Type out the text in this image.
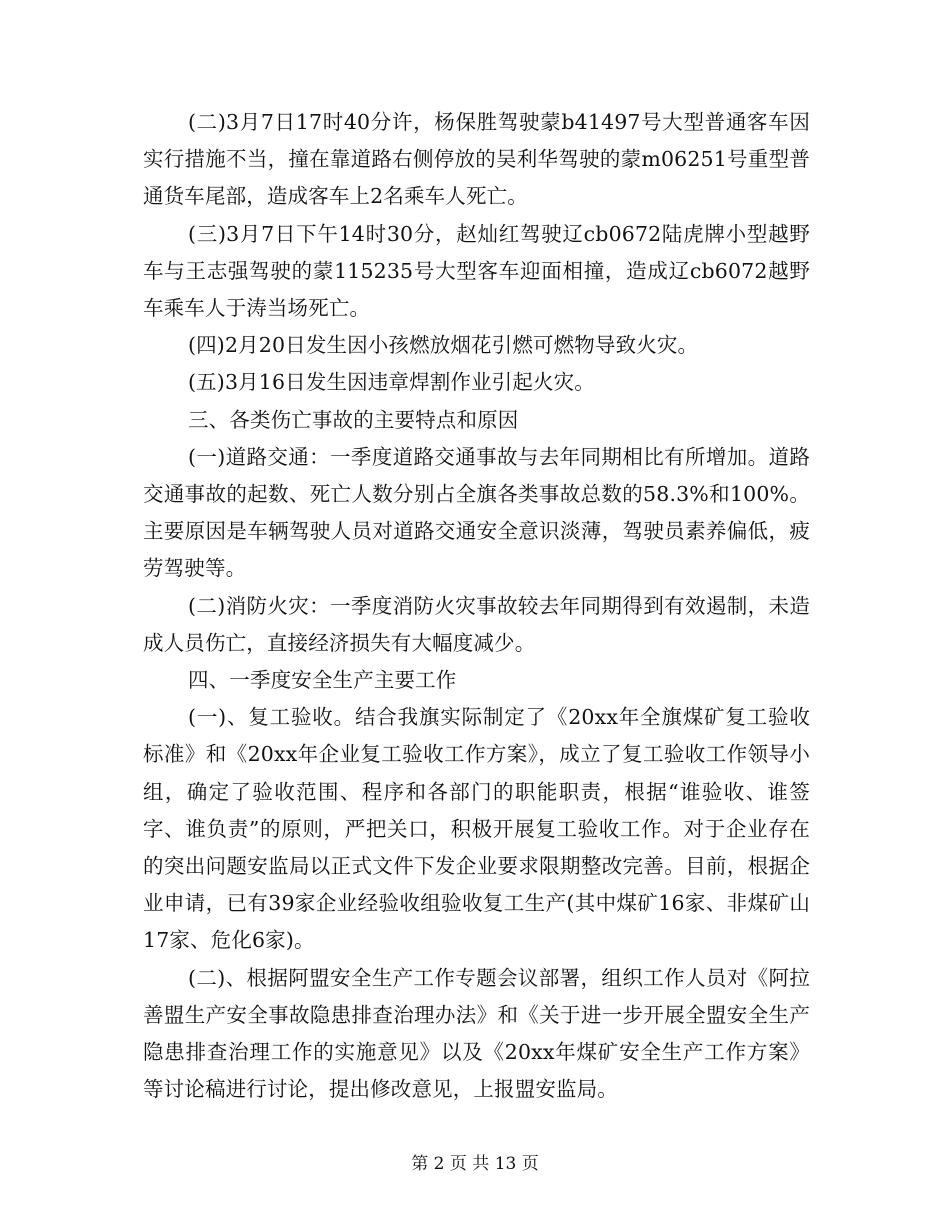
(二)3月7日17时40分许，杨保胜驾驶蒙b41497号大型普通客车因实行措施不当，撞在靠道路右侧停放的吴利华驾驶的蒙m06251号重型普通货车尾部，造成客车上2名乘车人死亡。

(三)3月7日下午14时30分，赵灿红驾驶辽cb0672陆虎牌小型越野车与王志强驾驶的蒙115235号大型客车迎面相撞，造成辽cb6072越野车乘车人于涛当场死亡。

(四)2月20日发生因小孩燃放烟花引燃可燃物导致火灾。

(五)3月16日发生因违章焊割作业引起火灾。

三、各类伤亡事故的主要特点和原因

(一)道路交通：一季度道路交通事故与去年同期相比有所增加。道路交通事故的起数、死亡人数分别占全旗各类事故总数的58.3%和100%。主要原因是车辆驾驶人员对道路交通安全意识淡薄，驾驶员素养偏低，疲劳驾驶等。

(二)消防火灾：一季度消防火灾事故较去年同期得到有效遏制，未造成人员伤亡，直接经济损失有大幅度减少。

四、一季度安全生产主要工作

(一)、复工验收。结合我旗实际制定了《20xx年全旗煤矿复工验收标准》和《20xx年企业复工验收工作方案》，成立了复工验收工作领导小组，确定了验收范围、程序和各部门的职能职责，根据“谁验收、谁签字、谁负责”的原则，严把关口，积极开展复工验收工作。对于企业存在的突出问题安监局以正式文件下发企业要求限期整改完善。目前，根据企业申请，已有39家企业经验收组验收复工生产(其中煤矿16家、非煤矿山17家、危化6家)。

(二)、根据阿盟安全生产工作专题会议部署，组织工作人员对《阿拉善盟生产安全事故隐患排查治理办法》和《关于进一步开展全盟安全生产隐患排查治理工作的实施意见》以及《20xx年煤矿安全生产工作方案》等讨论稿进行讨论，提出修改意见，上报盟安监局。

第 2 页 共 13 页
